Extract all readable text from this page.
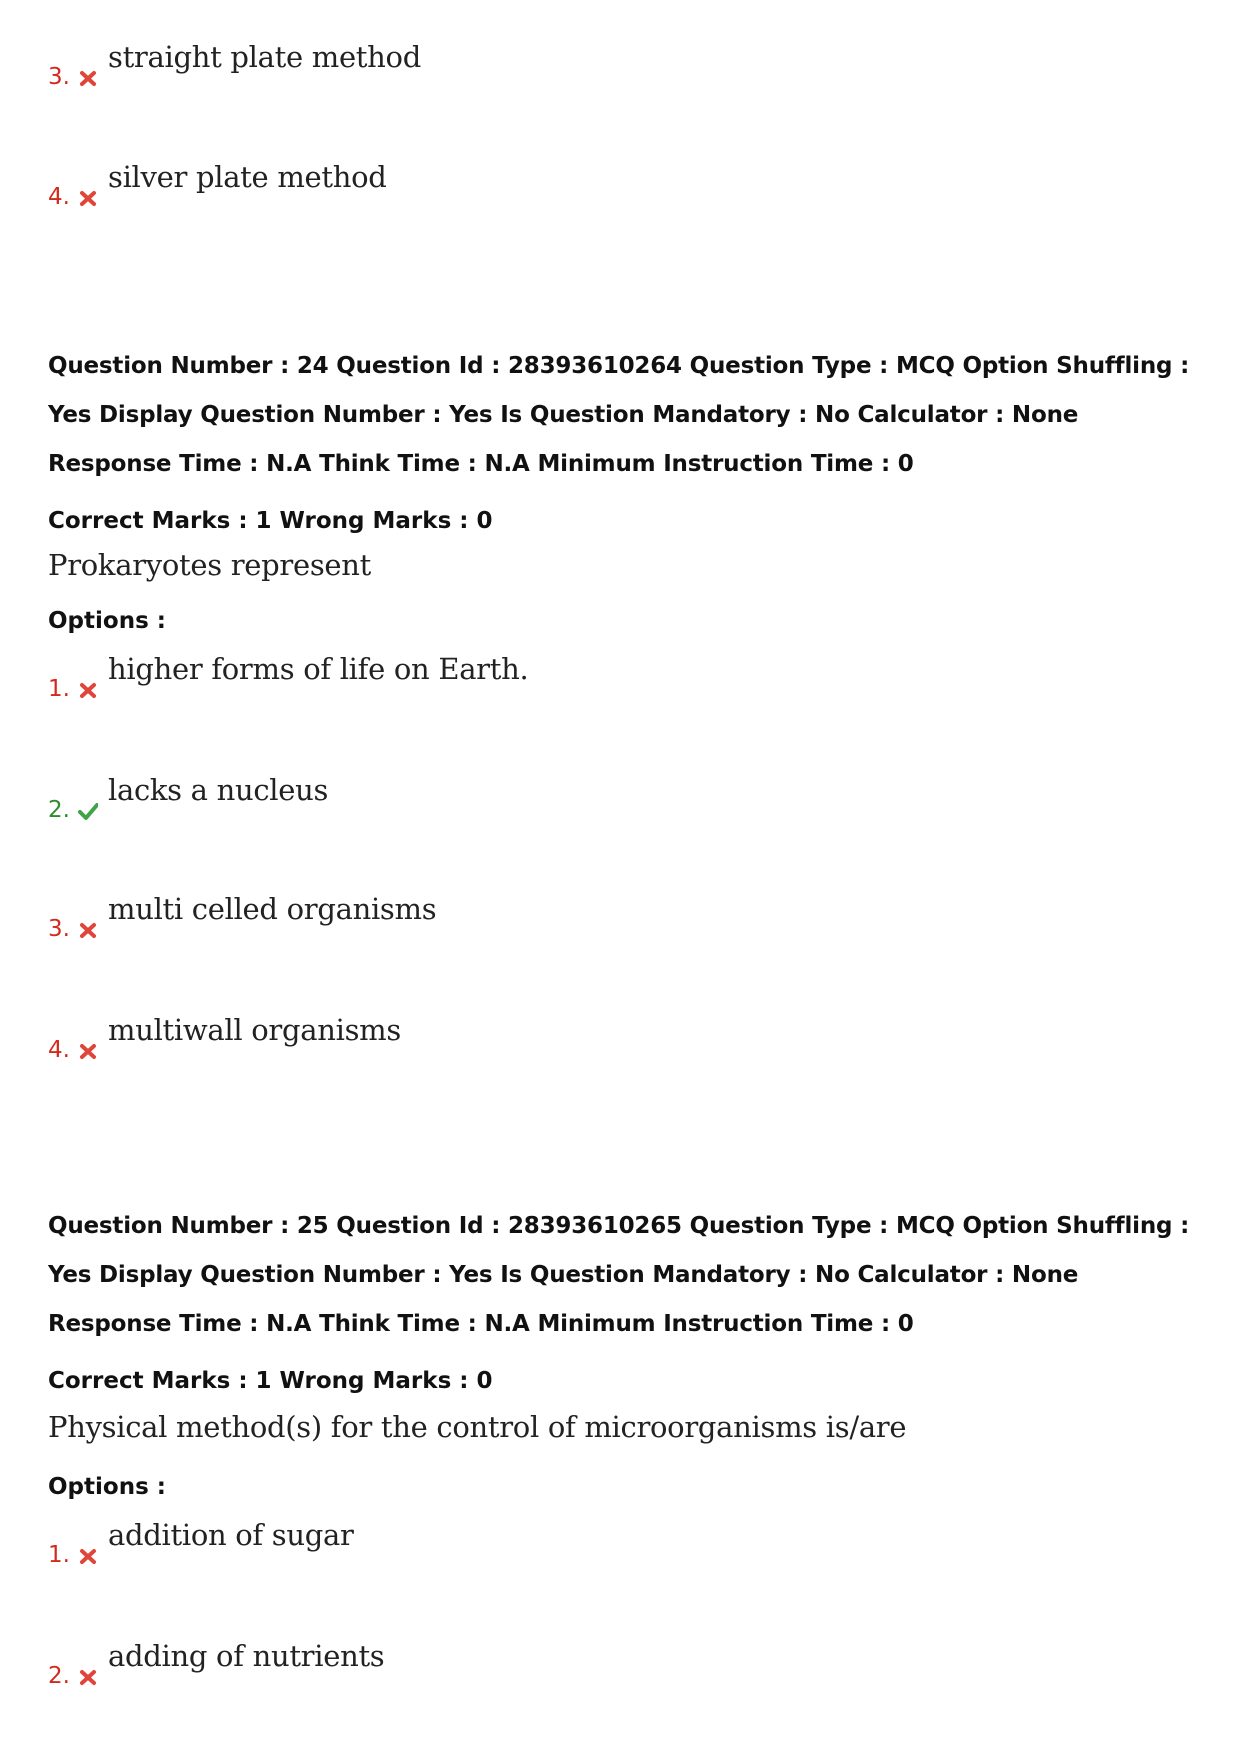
3.
straight plate method
4.
silver plate method
Question Number : 24 Question Id : 28393610264 Question Type : MCQ Option Shuffling : Yes Display Question Number : Yes Is Question Mandatory : No Calculator : None Response Time : N.A Think Time : N.A Minimum Instruction Time : 0
Correct Marks : 1 Wrong Marks : 0
Prokaryotes represent
Options :
1.
higher forms of life on Earth.
2.
lacks a nucleus
3.
multi celled organisms
4.
multiwall organisms
Question Number : 25 Question Id : 28393610265 Question Type : MCQ Option Shuffling : Yes Display Question Number : Yes Is Question Mandatory : No Calculator : None Response Time : N.A Think Time : N.A Minimum Instruction Time : 0
Correct Marks : 1 Wrong Marks : 0
Physical method(s) for the control of microorganisms is/are
Options :
1.
addition of sugar
2.
adding of nutrients
